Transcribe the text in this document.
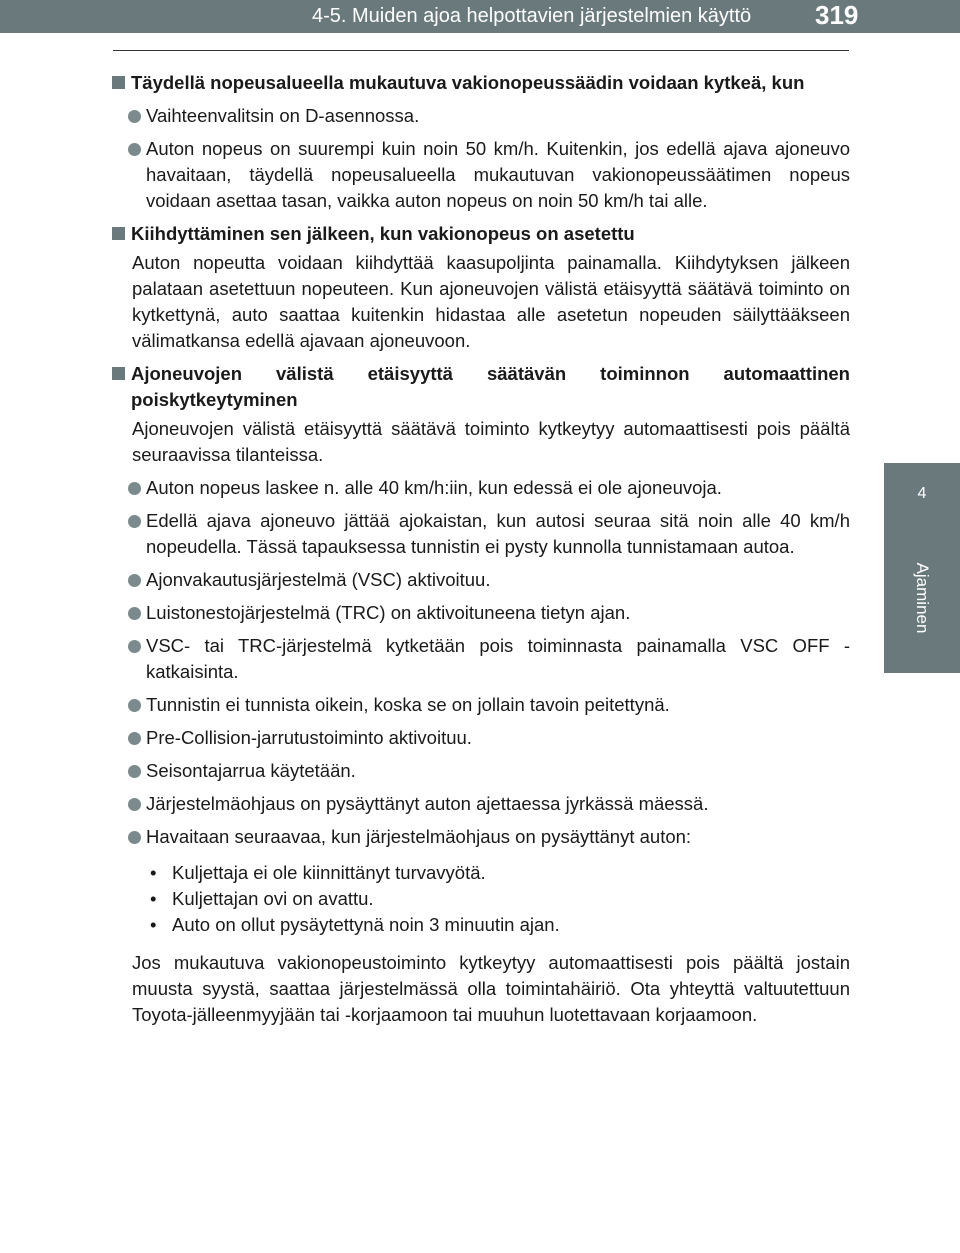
4-5. Muiden ajoa helpottavien järjestelmien käyttö 319
4
Ajaminen
Täydellä nopeusalueella mukautuva vakionopeussäädin voidaan kytkeä, kun
Vaihteenvalitsin on D-asennossa.
Auton nopeus on suurempi kuin noin 50 km/h. Kuitenkin, jos edellä ajava ajoneuvo havaitaan, täydellä nopeusalueella mukautuvan vakionopeussäätimen nopeus voidaan asettaa tasan, vaikka auton nopeus on noin 50 km/h tai alle.
Kiihdyttäminen sen jälkeen, kun vakionopeus on asetettu
Auton nopeutta voidaan kiihdyttää kaasupoljinta painamalla. Kiihdytyksen jälkeen palataan asetettuun nopeuteen. Kun ajoneuvojen välistä etäisyyttä säätävä toiminto on kytkettynä, auto saattaa kuitenkin hidastaa alle asetetun nopeuden säilyttääkseen välimatkansa edellä ajavaan ajoneuvoon.
Ajoneuvojen välistä etäisyyttä säätävän toiminnon automaattinen poiskytkeytyminen
Ajoneuvojen välistä etäisyyttä säätävä toiminto kytkeytyy automaattisesti pois päältä seuraavissa tilanteissa.
Auton nopeus laskee n. alle 40 km/h:iin, kun edessä ei ole ajoneuvoja.
Edellä ajava ajoneuvo jättää ajokaistan, kun autosi seuraa sitä noin alle 40 km/h nopeudella. Tässä tapauksessa tunnistin ei pysty kunnolla tunnistamaan autoa.
Ajonvakautusjärjestelmä (VSC) aktivoituu.
Luistonestojärjestelmä (TRC) on aktivoituneena tietyn ajan.
VSC- tai TRC-järjestelmä kytketään pois toiminnasta painamalla VSC OFF -katkaisinta.
Tunnistin ei tunnista oikein, koska se on jollain tavoin peitettynä.
Pre-Collision-jarrutustoiminto aktivoituu.
Seisontajarrua käytetään.
Järjestelmäohjaus on pysäyttänyt auton ajettaessa jyrkässä mäessä.
Havaitaan seuraavaa, kun järjestelmäohjaus on pysäyttänyt auton:
• Kuljettaja ei ole kiinnittänyt turvavyötä.
• Kuljettajan ovi on avattu.
• Auto on ollut pysäytettynä noin 3 minuutin ajan.
Jos mukautuva vakionopeustoiminto kytkeytyy automaattisesti pois päältä jostain muusta syystä, saattaa järjestelmässä olla toimintahäiriö. Ota yhteyttä valtuutettuun Toyota-jälleenmyyjään tai -korjaamoon tai muuhun luotettavaan korjaamoon.
